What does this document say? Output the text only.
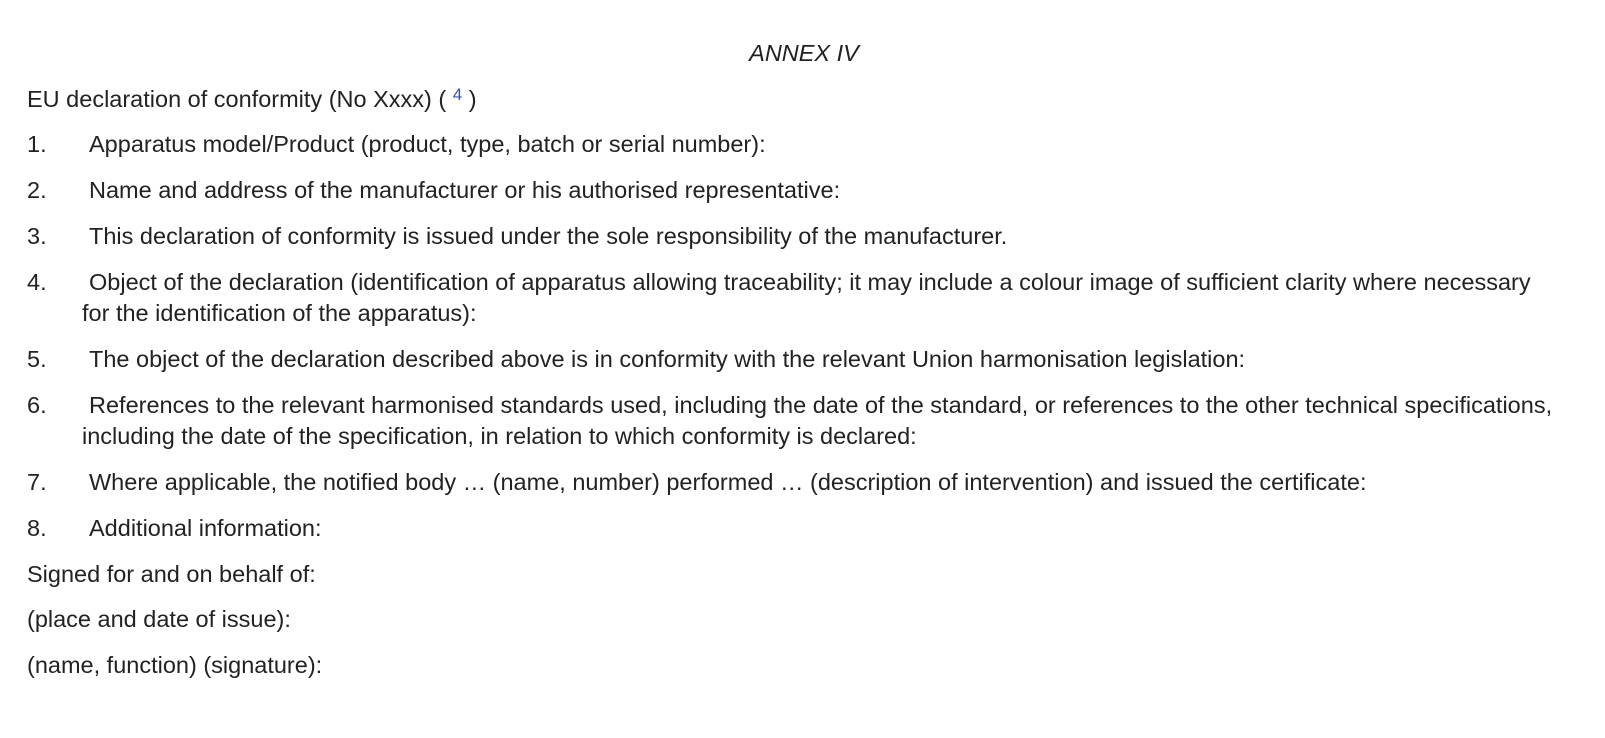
ANNEX IV

EU declaration of conformity (No Xxxx) ( $^4$ )

1.	Apparatus model/Product (product, type, batch or serial number):
2.	Name and address of the manufacturer or his authorised representative:
3.	This declaration of conformity is issued under the sole responsibility of the manufacturer.
4. Object of the declaration (identification of apparatus allowing traceability; it may include a colour image of sufficient clarity where necessary for the identification of the apparatus):
5.	The object of the declaration described above is in conformity with the relevant Union harmonisation legislation:
6. References to the relevant harmonised standards used, including the date of the standard, or references to the other technical specifications, including the date of the specification, in relation to which conformity is declared:
7.	Where applicable, the notified body … (name, number) performed … (description of intervention) and issued the certificate:
8.	Additional information:

Signed for and on behalf of:

(place and date of issue):

(name, function) (signature):
